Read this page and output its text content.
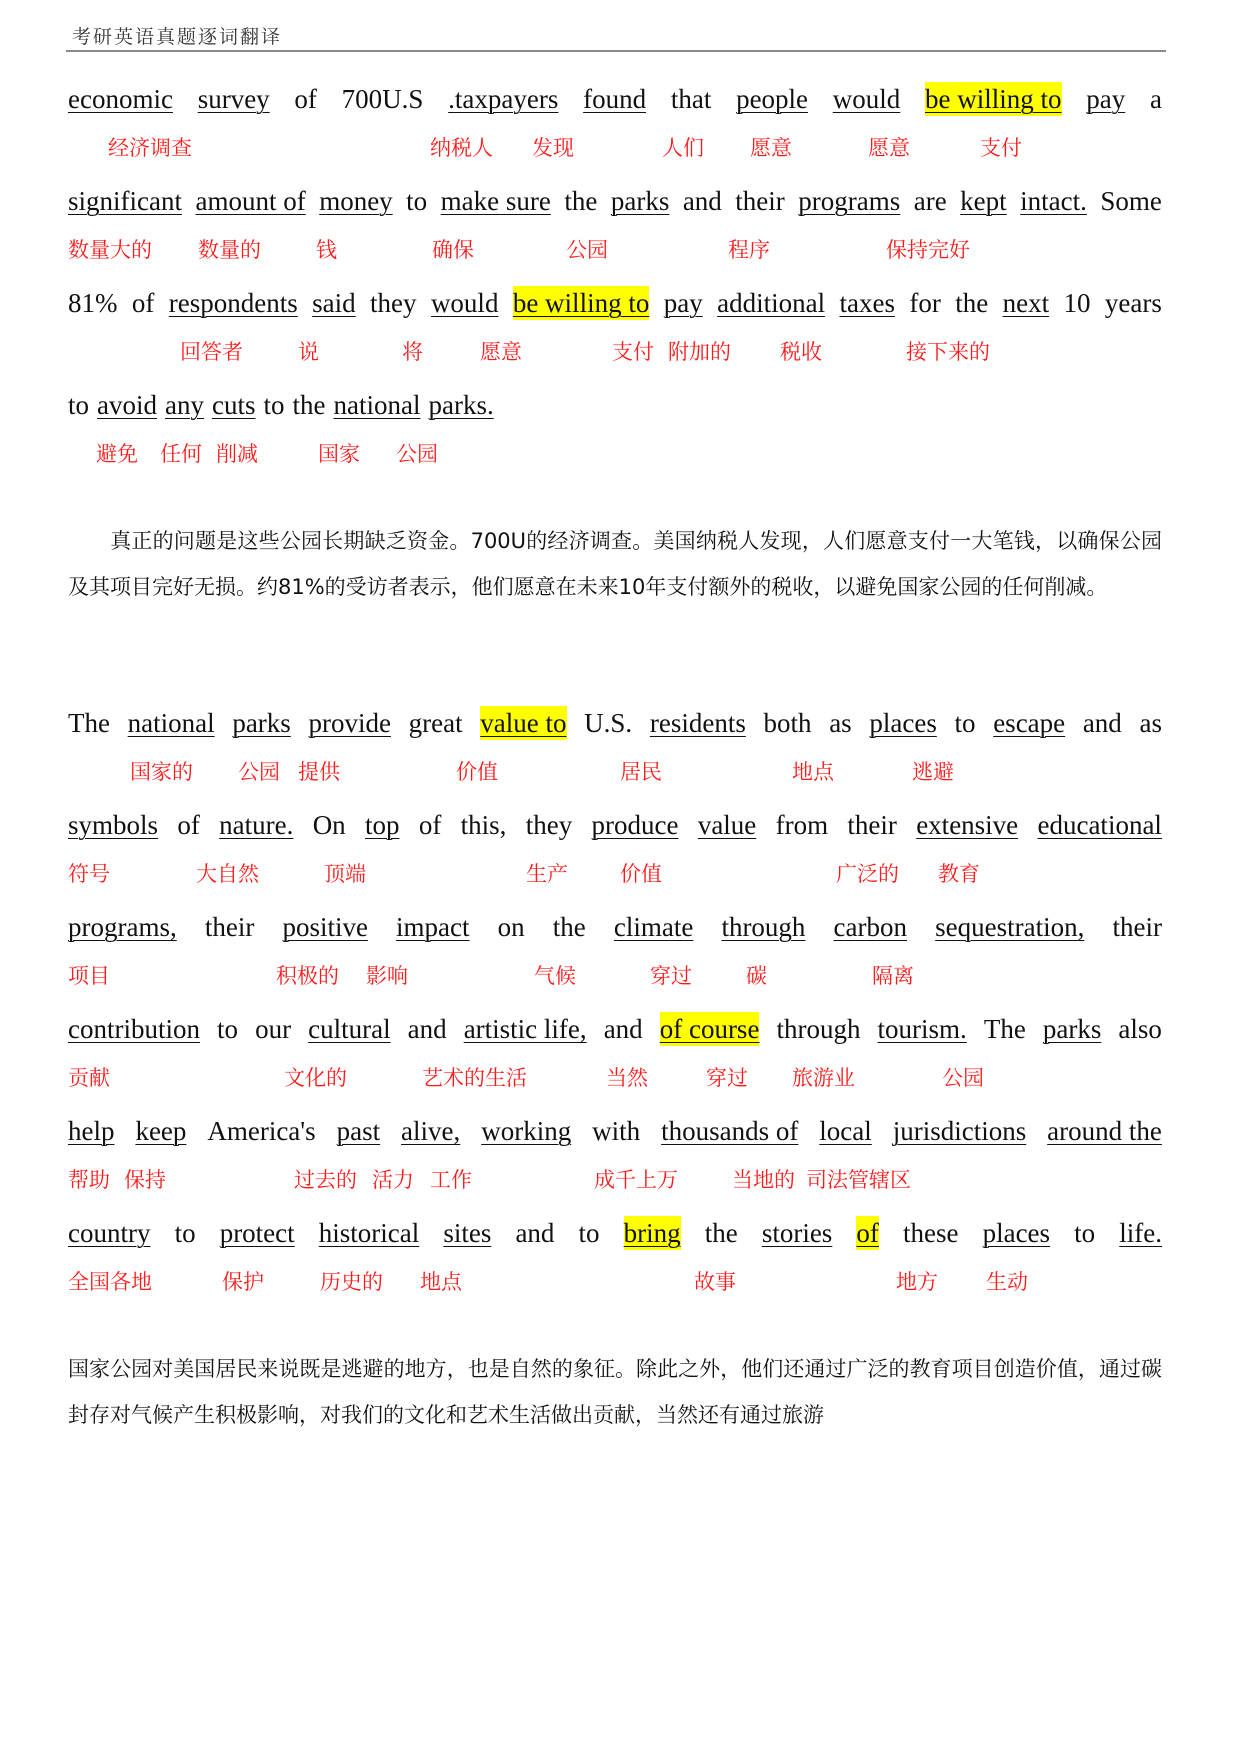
考研英语真题逐词翻译
economic survey of 700U.S .taxpayers found that people would be willing to pay a
经济调查	纳税人 发现	人们 愿意	愿意	支付
significant amount of money to make sure the parks and their programs are kept intact. Some
数量大的 数量的	钱	确保	公园	程序	保持完好
81% of respondents said they would be willing to pay additional taxes for the next 10 years
回答者	说	将	愿意	支付 附加的 税收	接下来的
to avoid any cuts to the national parks.
避免 任何 削减	国家 公园
The national parks provide great value to U.S. residents both as places to escape and as
国家的 公园 提供	价值	居民	地点	逃避
symbols of nature. On top of this, they produce value from their extensive educational
符号	大自然	顶端	生产 价值	广泛的 教育
programs, their positive impact on the climate through carbon sequestration, their
项目	积极的 影响	气候	穿过	碳	隔离
contribution to our cultural and artistic life, and of course through tourism. The parks also
贡献	文化的	艺术的生活	当然	穿过 旅游业	公园
help keep America's past alive, working with thousands of local jurisdictions around the
帮助 保持	过去的 活力 工作	成千上万	当地的 司法管辖区
country to protect historical sites and to bring the stories of these places to life.
全国各地	保护	历史的 地点	故事	地方 生动
真正的问题是这些公园长期缺乏资金。700U的经济调查。美国纳税人发现，人们愿意支付一大笔钱，以确保公园及其项目完好无损。约81%的受访者表示，他们愿意在未来10年支付额外的税收，以避免国家公园的任何削减。
国家公园对美国居民来说既是逃避的地方，也是自然的象征。除此之外，他们还通过广泛的教育项目创造价值，通过碳封存对气候产生积极影响，对我们的文化和艺术生活做出贡献，当然还有通过旅游
